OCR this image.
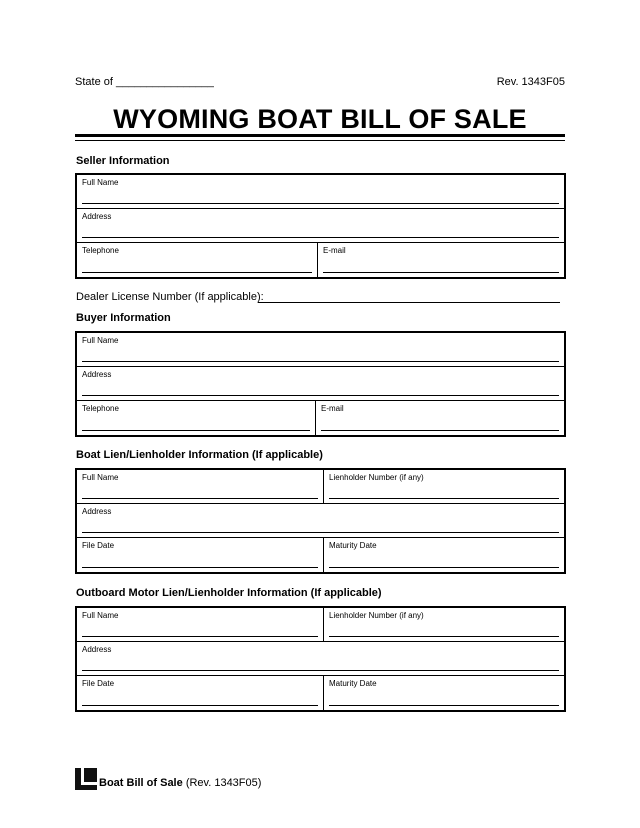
State of ________________	Rev. 1343F05
WYOMING BOAT BILL OF SALE
Seller Information
Full Name
Address
Telephone	E-mail
Dealer License Number (If applicable):
Buyer Information
Full Name
Address
Telephone	E-mail
Boat Lien/Lienholder Information (If applicable)
Full Name	Lienholder Number (if any)
Address
File Date	Maturity Date
Outboard Motor Lien/Lienholder Information (If applicable)
Full Name	Lienholder Number (if any)
Address
File Date	Maturity Date
Boat Bill of Sale (Rev. 1343F05)
